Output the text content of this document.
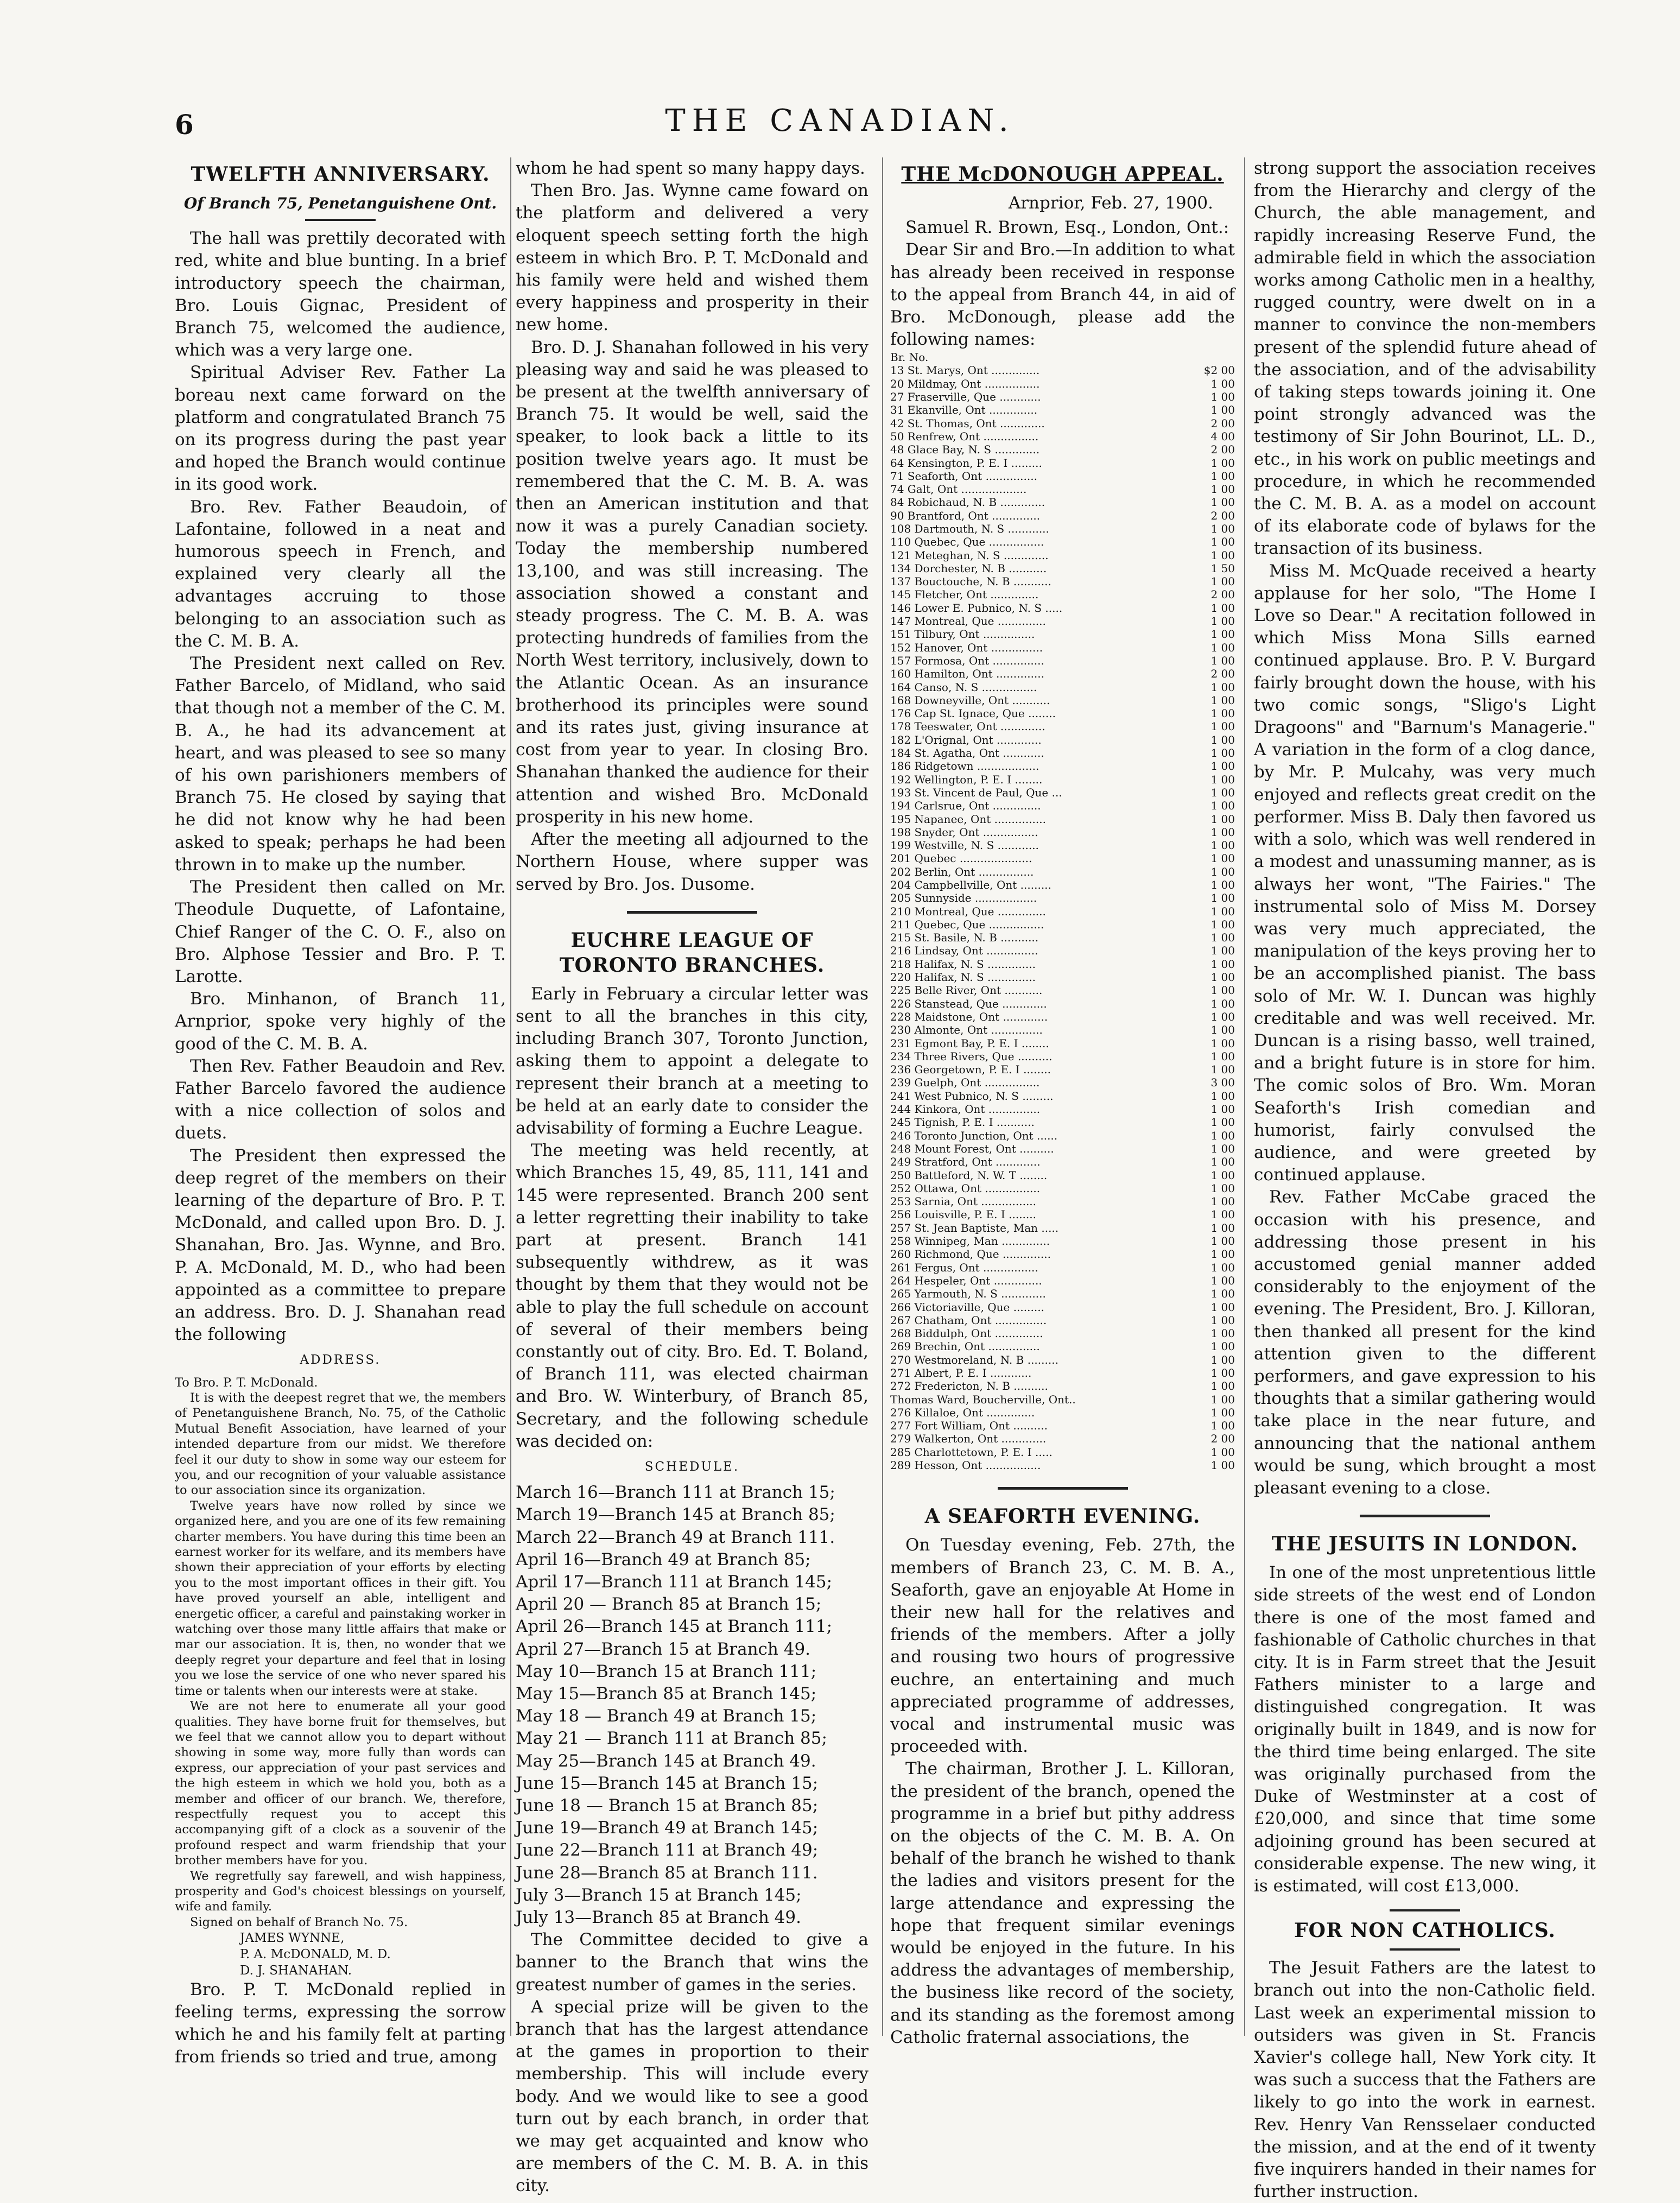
6	THE CANADIAN.
TWELFTH ANNIVERSARY.
Of Branch 75, Penetanguishene Ont.

The hall was prettily decorated with red, white and blue bunting. In a brief introductory speech the chairman, Bro. Louis Gignac, President of Branch 75, welcomed the audience, which was a very large one.

Spiritual Adviser Rev. Father La boreau next came forward on the platform and congratulated Branch 75 on its progress during the past year and hoped the Branch would continue in its good work.

Bro. Rev. Father Beaudoin, of Lafontaine, followed in a neat and humorous speech in French, and explained very clearly all the advantages accruing to those belonging to an association such as the C. M. B. A.

The President next called on Rev. Father Barcelo, of Midland, who said that though not a member of the C. M. B. A., he had its advancement at heart, and was pleased to see so many of his own parishioners members of Branch 75. He closed by saying that he did not know why he had been asked to speak; perhaps he had been thrown in to make up the number.

The President then called on Mr. Theodule Duquette, of Lafontaine, Chief Ranger of the C. O. F., also on Bro. Alphose Tessier and Bro. P. T. Larotte.

Bro. Minhanon, of Branch 11, Arnprior, spoke very highly of the good of the C. M. B. A.

Then Rev. Father Beaudoin and Rev. Father Barcelo favored the audience with a nice collection of solos and duets.

The President then expressed the deep regret of the members on their learning of the departure of Bro. P. T. McDonald, and called upon Bro. D. J. Shanahan, Bro. Jas. Wynne, and Bro. P. A. McDonald, M. D., who had been appointed as a committee to prepare an address. Bro. D. J. Shanahan read the following

ADDRESS.

To Bro. P. T. McDonald.

It is with the deepest regret that we, the members of Penetanguishene Branch, No. 75, of the Catholic Mutual Benefit Association, have learned of your intended departure from our midst. We therefore feel it our duty to show in some way our esteem for you, and our recognition of your valuable assistance to our association since its organization.

Twelve years have now rolled by since we organized here, and you are one of its few remaining charter members. You have during this time been an earnest worker for its welfare, and its members have shown their appreciation of your efforts by electing you to the most important offices in their gift. You have proved yourself an able, intelligent and energetic officer, a careful and painstaking worker in watching over those many little affairs that make or mar our association. It is, then, no wonder that we deeply regret your departure and feel that in losing you we lose the service of one who never spared his time or talents when our interests were at stake.

We are not here to enumerate all your good qualities. They have borne fruit for themselves, but we feel that we cannot allow you to depart without showing in some way, more fully than words can express, our appreciation of your past services and the high esteem in which we hold you, both as a member and officer of our branch. We, therefore, respectfully request you to accept this accompanying gift of a clock as a souvenir of the profound respect and warm friendship that your brother members have for you.

We regretfully say farewell, and wish happiness, prosperity and God's choicest blessings on yourself, wife and family.

Signed on behalf of Branch No. 75.

JAMES WYNNE,
P. A. McDONALD, M. D.
D. J. SHANAHAN.

Bro. P. T. McDonald replied in feeling terms, expressing the sorrow which he and his family felt at parting from friends so tried and true, among

whom he had spent so many happy days.

Then Bro. Jas. Wynne came foward on the platform and delivered a very eloquent speech setting forth the high esteem in which Bro. P. T. McDonald and his family were held and wished them every happiness and prosperity in their new home.

Bro. D. J. Shanahan followed in his very pleasing way and said he was pleased to be present at the twelfth anniversary of Branch 75. It would be well, said the speaker, to look back a little to its position twelve years ago. It must be remembered that the C. M. B. A. was then an American institution and that now it was a purely Canadian society. Today the membership numbered 13,100, and was still increasing. The association showed a constant and steady progress. The C. M. B. A. was protecting hundreds of families from the North West territory, inclusively, down to the Atlantic Ocean. As an insurance brotherhood its principles were sound and its rates just, giving insurance at cost from year to year. In closing Bro. Shanahan thanked the audience for their attention and wished Bro. McDonald prosperity in his new home.

After the meeting all adjourned to the Northern House, where supper was served by Bro. Jos. Dusome.

EUCHRE LEAGUE OF TORONTO BRANCHES.

Early in February a circular letter was sent to all the branches in this city, including Branch 307, Toronto Junction, asking them to appoint a delegate to represent their branch at a meeting to be held at an early date to consider the advisability of forming a Euchre League.

The meeting was held recently, at which Branches 15, 49, 85, 111, 141 and 145 were represented. Branch 200 sent a letter regretting their inability to take part at present. Branch 141 subsequently withdrew, as it was thought by them that they would not be able to play the full schedule on account of several of their members being constantly out of city. Bro. Ed. T. Boland, of Branch 111, was elected chairman and Bro. W. Winterbury, of Branch 85, Secretary, and the following schedule was decided on:

SCHEDULE.
March 16—Branch 111 at Branch 15;
March 19—Branch 145 at Branch 85;
March 22—Branch 49 at Branch 111.
April 16—Branch 49 at Branch 85;
April 17—Branch 111 at Branch 145;
April 20 — Branch 85 at Branch 15;
April 26—Branch 145 at Branch 111;
April 27—Branch 15 at Branch 49.
May 10—Branch 15 at Branch 111;
May 15—Branch 85 at Branch 145;
May 18 — Branch 49 at Branch 15;
May 21 — Branch 111 at Branch 85;
May 25—Branch 145 at Branch 49.
June 15—Branch 145 at Branch 15;
June 18 — Branch 15 at Branch 85;
June 19—Branch 49 at Branch 145;
June 22—Branch 111 at Branch 49;
June 28—Branch 85 at Branch 111.
July 3—Branch 15 at Branch 145;
July 13—Branch 85 at Branch 49.

The Committee decided to give a banner to the Branch that wins the greatest number of games in the series.

A special prize will be given to the branch that has the largest attendance at the games in proportion to their membership. This will include every body. And we would like to see a good turn out by each branch, in order that we may get acquainted and know who are members of the C. M. B. A. in this city.

THE McDONOUGH APPEAL.

Arnprior, Feb. 27, 1900.

Samuel R. Brown, Esq., London, Ont.:

Dear Sir and Bro.—In addition to what has already been received in response to the appeal from Branch 44, in aid of Bro. McDonough, please add the following names:

Br. No.
13 St. Marys, Ont ..............	$2 00
20 Mildmay, Ont ................	1 00
27 Fraserville, Que ............	1 00
31 Ekanville, Ont ..............	1 00
42 St. Thomas, Ont .............	2 00
50 Renfrew, Ont ................	4 00
48 Glace Bay, N. S .............	2 00
64 Kensington, P. E. I .........	1 00
71 Seaforth, Ont ...............	1 00
74 Galt, Ont ...................	1 00
84 Robichaud, N. B .............	1 00
90 Brantford, Ont ..............	2 00
108 Dartmouth, N. S ............	1 00
110 Quebec, Que ................	1 00
121 Meteghan, N. S .............	1 00
134 Dorchester, N. B ...........	1 50
137 Bouctouche, N. B ...........	1 00
145 Fletcher, Ont ..............	2 00
146 Lower E. Pubnico, N. S .....	1 00
147 Montreal, Que ..............	1 00
151 Tilbury, Ont ...............	1 00
152 Hanover, Ont ...............	1 00
157 Formosa, Ont ...............	1 00
160 Hamilton, Ont ..............	2 00
164 Canso, N. S ................	1 00
168 Downeyville, Ont ...........	1 00
176 Cap St. Ignace, Que ........	1 00
178 Teeswater, Ont .............	1 00
182 L'Orignal, Ont .............	1 00
184 St. Agatha, Ont ............	1 00
186 Ridgetown ..................	1 00
192 Wellington, P. E. I ........	1 00
193 St. Vincent de Paul, Que ...	1 00
194 Carlsrue, Ont ..............	1 00
195 Napanee, Ont ...............	1 00
198 Snyder, Ont ................	1 00
199 Westville, N. S ............	1 00
201 Quebec .....................	1 00
202 Berlin, Ont ................	1 00
204 Campbellville, Ont .........	1 00
205 Sunnyside ..................	1 00
210 Montreal, Que ..............	1 00
211 Quebec, Que ................	1 00
215 St. Basile, N. B ...........	1 00
216 Lindsay, Ont ...............	1 00
218 Halifax, N. S ..............	1 00
220 Halifax, N. S ..............	1 00
225 Belle River, Ont ...........	1 00
226 Stanstead, Que .............	1 00
228 Maidstone, Ont .............	1 00
230 Almonte, Ont ...............	1 00
231 Egmont Bay, P. E. I ........	1 00
234 Three Rivers, Que ..........	1 00
236 Georgetown, P. E. I ........	1 00
239 Guelph, Ont ................	3 00
241 West Pubnico, N. S .........	1 00
244 Kinkora, Ont ...............	1 00
245 Tignish, P. E. I ...........	1 00
246 Toronto Junction, Ont ......	1 00
248 Mount Forest, Ont ..........	1 00
249 Stratford, Ont .............	1 00
250 Battleford, N. W. T ........	1 00
252 Ottawa, Ont ................	1 00
253 Sarnia, Ont ................	1 00
256 Louisville, P. E. I ........	1 00
257 St. Jean Baptiste, Man .....	1 00
258 Winnipeg, Man ..............	1 00
260 Richmond, Que ..............	1 00
261 Fergus, Ont ................	1 00
264 Hespeler, Ont ..............	1 00
265 Yarmouth, N. S .............	1 00
266 Victoriaville, Que .........	1 00
267 Chatham, Ont ...............	1 00
268 Biddulph, Ont ..............	1 00
269 Brechin, Ont ...............	1 00
270 Westmoreland, N. B .........	1 00
271 Albert, P. E. I ............	1 00
272 Fredericton, N. B ..........	1 00
Thomas Ward, Boucherville, Ont..	1 00
276 Killaloe, Ont ..............	1 00
277 Fort William, Ont ..........	1 00
279 Walkerton, Ont .............	2 00
285 Charlottetown, P. E. I .....	1 00
289 Hesson, Ont ................	1 00
A SEAFORTH EVENING.

On Tuesday evening, Feb. 27th, the members of Branch 23, C. M. B. A., Seaforth, gave an enjoyable At Home in their new hall for the relatives and friends of the members. After a jolly and rousing two hours of progressive euchre, an entertaining and much appreciated programme of addresses, vocal and instrumental music was proceeded with.

The chairman, Brother J. L. Killoran, the president of the branch, opened the programme in a brief but pithy address on the objects of the C. M. B. A. On behalf of the branch he wished to thank the ladies and visitors present for the large attendance and expressing the hope that frequent similar evenings would be enjoyed in the future. In his address the advantages of membership, the business like record of the society, and its standing as the foremost among Catholic fraternal associations, the

strong support the association receives from the Hierarchy and clergy of the Church, the able management, and rapidly increasing Reserve Fund, the admirable field in which the association works among Catholic men in a healthy, rugged country, were dwelt on in a manner to convince the non-members present of the splendid future ahead of the association, and of the advisability of taking steps towards joining it. One point strongly advanced was the testimony of Sir John Bourinot, LL. D., etc., in his work on public meetings and procedure, in which he recommended the C. M. B. A. as a model on account of its elaborate code of bylaws for the transaction of its business.

Miss M. McQuade received a hearty applause for her solo, "The Home I Love so Dear." A recitation followed in which Miss Mona Sills earned continued applause. Bro. P. V. Burgard fairly brought down the house, with his two comic songs, "Sligo's Light Dragoons" and "Barnum's Managerie." A variation in the form of a clog dance, by Mr. P. Mulcahy, was very much enjoyed and reflects great credit on the performer. Miss B. Daly then favored us with a solo, which was well rendered in a modest and unassuming manner, as is always her wont, "The Fairies." The instrumental solo of Miss M. Dorsey was very much appreciated, the manipulation of the keys proving her to be an accomplished pianist. The bass solo of Mr. W. I. Duncan was highly creditable and was well received. Mr. Duncan is a rising basso, well trained, and a bright future is in store for him. The comic solos of Bro. Wm. Moran Seaforth's Irish comedian and humorist, fairly convulsed the audience, and were greeted by continued applause.

Rev. Father McCabe graced the occasion with his presence, and addressing those present in his accustomed genial manner added considerably to the enjoyment of the evening. The President, Bro. J. Killoran, then thanked all present for the kind attention given to the different performers, and gave expression to his thoughts that a similar gathering would take place in the near future, and announcing that the national anthem would be sung, which brought a most pleasant evening to a close.

THE JESUITS IN LONDON.

In one of the most unpretentious little side streets of the west end of London there is one of the most famed and fashionable of Catholic churches in that city. It is in Farm street that the Jesuit Fathers minister to a large and distinguished congregation. It was originally built in 1849, and is now for the third time being enlarged. The site was originally purchased from the Duke of Westminster at a cost of £20,000, and since that time some adjoining ground has been secured at considerable expense. The new wing, it is estimated, will cost £13,000.

FOR NON CATHOLICS.

The Jesuit Fathers are the latest to branch out into the non-Catholic field. Last week an experimental mission to outsiders was given in St. Francis Xavier's college hall, New York city. It was such a success that the Fathers are likely to go into the work in earnest. Rev. Henry Van Rensselaer conducted the mission, and at the end of it twenty five inquirers handed in their names for further instruction.
